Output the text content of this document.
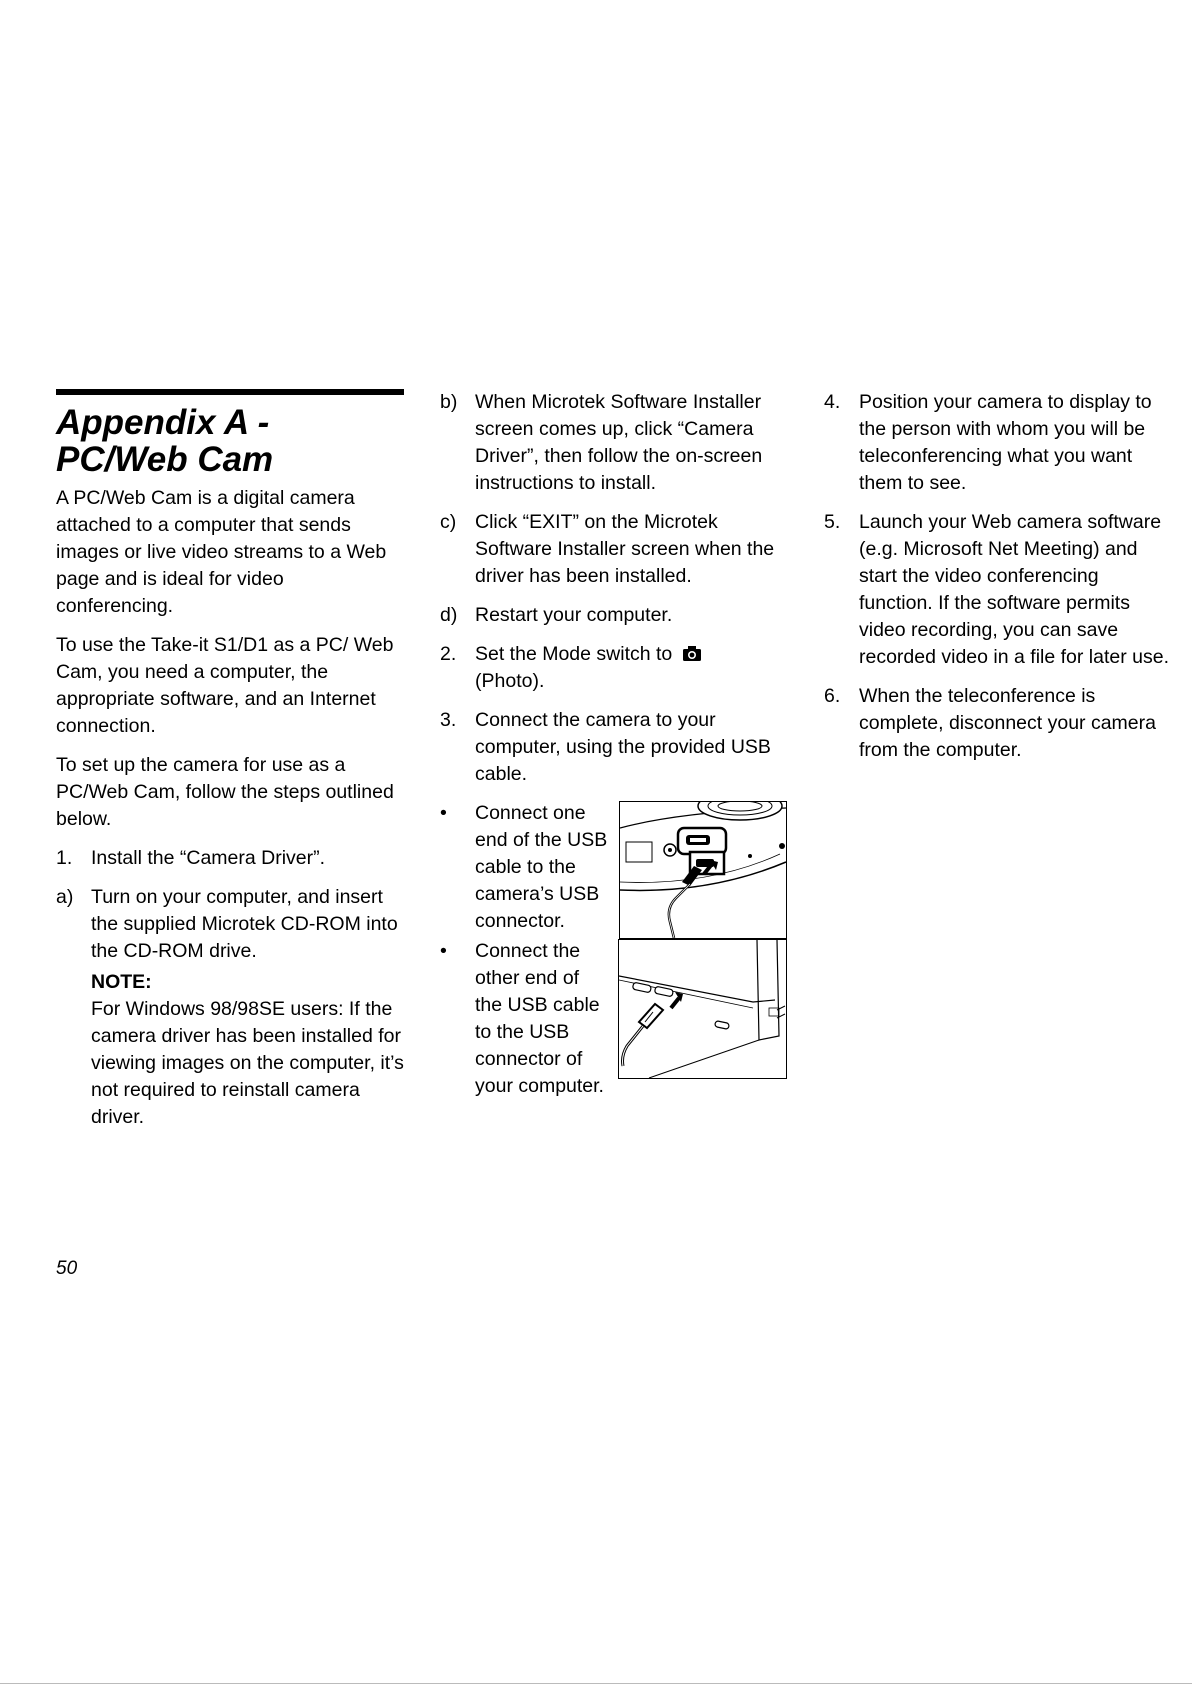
Appendix A -
PC/Web Cam

A PC/Web Cam is a digital camera attached to a computer that sends images or live video streams to a Web page and is ideal for video conferencing.

To use the Take-it S1/D1 as a PC/ Web Cam, you need a computer, the appropriate software, and an Internet connection.

To set up the camera for use as a PC/Web Cam, follow the steps outlined below.

1. Install the “Camera Driver”.
a) Turn on your computer, and insert the supplied Microtek CD-ROM into the CD-ROM drive.
NOTE:
For Windows 98/98SE users: If the camera driver has been installed for viewing images on the computer, it’s not required to reinstall camera driver.
b) When Microtek Software Installer screen comes up, click “Camera Driver”, then follow the on-screen instructions to install.
c) Click “EXIT” on the Microtek Software Installer screen when the driver has been installed.
d) Restart your computer.
2. Set the Mode switch to
(Photo).
3. Connect the camera to your computer, using the provided USB cable.
• Connect one end of the USB cable to the camera’s USB connector.
• Connect the other end of the USB cable to the USB connector of your computer.
4. Position your camera to display to the person with whom you will be teleconferencing what you want them to see.
5. Launch your Web camera software (e.g. Microsoft Net Meeting) and start the video conferencing function. If the software permits video recording, you can save recorded video in a file for later use.
6. When the teleconference is complete, disconnect your camera from the computer.
50
